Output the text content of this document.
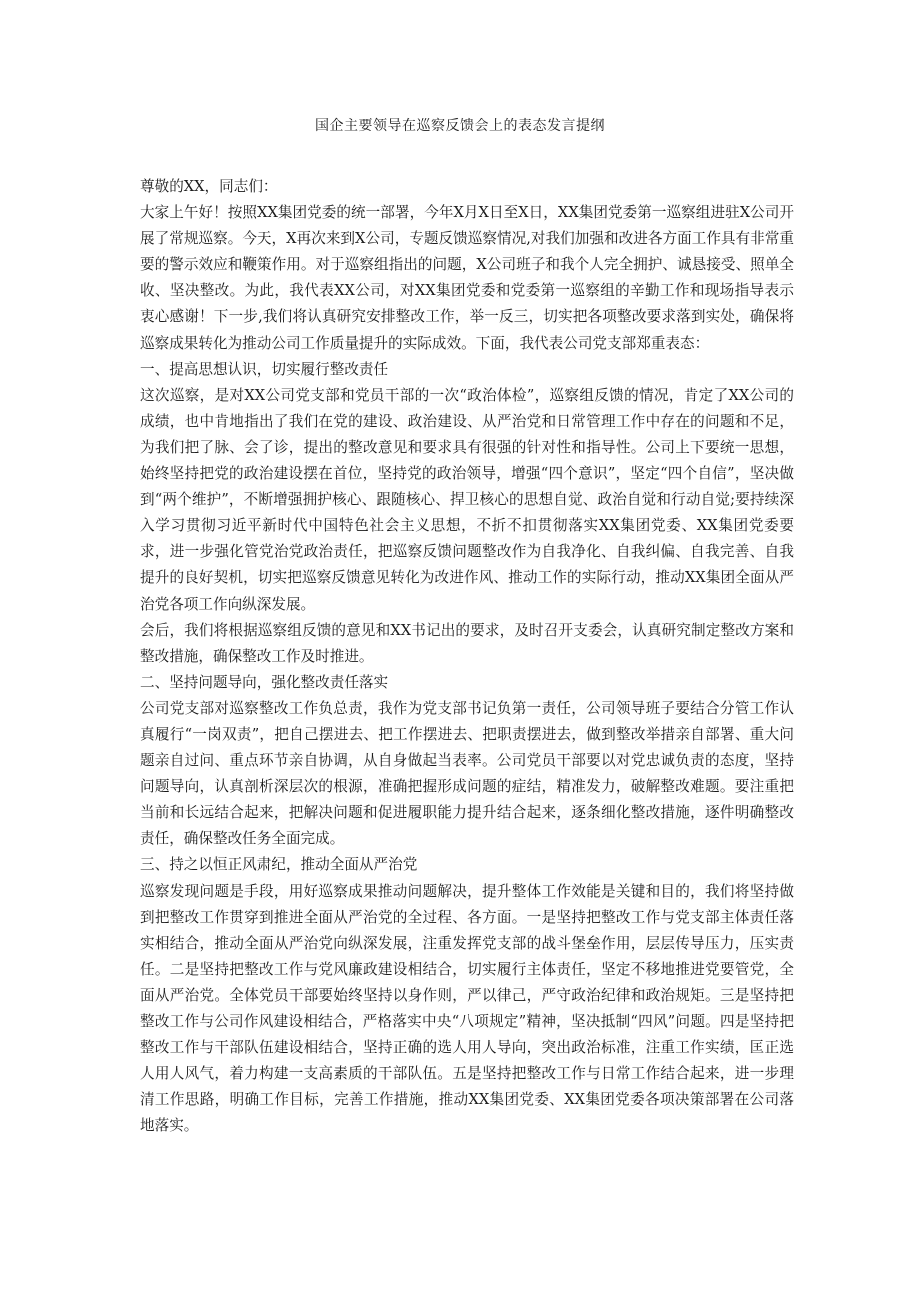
国企主要领导在巡察反馈会上的表态发言提纲

尊敬的XX，同志们：

大家上午好！按照XX集团党委的统一部署，今年X月X日至X日，XX集团党委第一巡察组进驻X公司开展了常规巡察。今天，X再次来到X公司，专题反馈巡察情况,对我们加强和改进各方面工作具有非常重要的警示效应和鞭策作用。对于巡察组指出的问题，X公司班子和我个人完全拥护、诚恳接受、照单全收、坚决整改。为此，我代表XX公司，对XX集团党委和党委第一巡察组的辛勤工作和现场指导表示衷心感谢！下一步,我们将认真研究安排整改工作，举一反三，切实把各项整改要求落到实处，确保将巡察成果转化为推动公司工作质量提升的实际成效。下面，我代表公司党支部郑重表态：

一、提高思想认识，切实履行整改责任

这次巡察，是对XX公司党支部和党员干部的一次“政治体检”，巡察组反馈的情况，肯定了XX公司的成绩，也中肯地指出了我们在党的建设、政治建设、从严治党和日常管理工作中存在的问题和不足，为我们把了脉、会了诊，提出的整改意见和要求具有很强的针对性和指导性。公司上下要统一思想，始终坚持把党的政治建设摆在首位，坚持党的政治领导，增强“四个意识”，坚定“四个自信”，坚决做到“两个维护”，不断增强拥护核心、跟随核心、捍卫核心的思想自觉、政治自觉和行动自觉;要持续深入学习贯彻习近平新时代中国特色社会主义思想，不折不扣贯彻落实XX集团党委、XX集团党委要求，进一步强化管党治党政治责任，把巡察反馈问题整改作为自我净化、自我纠偏、自我完善、自我提升的良好契机，切实把巡察反馈意见转化为改进作风、推动工作的实际行动，推动XX集团全面从严治党各项工作向纵深发展。

会后，我们将根据巡察组反馈的意见和XX书记出的要求，及时召开支委会，认真研究制定整改方案和整改措施，确保整改工作及时推进。

二、坚持问题导向，强化整改责任落实

公司党支部对巡察整改工作负总责，我作为党支部书记负第一责任，公司领导班子要结合分管工作认真履行“一岗双责”，把自己摆进去、把工作摆进去、把职责摆进去，做到整改举措亲自部署、重大问题亲自过问、重点环节亲自协调，从自身做起当表率。公司党员干部要以对党忠诚负责的态度，坚持问题导向，认真剖析深层次的根源，准确把握形成问题的症结，精准发力，破解整改难题。要注重把当前和长远结合起来，把解决问题和促进履职能力提升结合起来，逐条细化整改措施，逐件明确整改责任，确保整改任务全面完成。

三、持之以恒正风肃纪，推动全面从严治党

巡察发现问题是手段，用好巡察成果推动问题解决，提升整体工作效能是关键和目的，我们将坚持做到把整改工作贯穿到推进全面从严治党的全过程、各方面。一是坚持把整改工作与党支部主体责任落实相结合，推动全面从严治党向纵深发展，注重发挥党支部的战斗堡垒作用，层层传导压力，压实责任。二是坚持把整改工作与党风廉政建设相结合，切实履行主体责任，坚定不移地推进党要管党，全面从严治党。全体党员干部要始终坚持以身作则，严以律己，严守政治纪律和政治规矩。三是坚持把整改工作与公司作风建设相结合，严格落实中央“八项规定”精神，坚决抵制“四风”问题。四是坚持把整改工作与干部队伍建设相结合，坚持正确的选人用人导向，突出政治标准，注重工作实绩，匡正选人用人风气，着力构建一支高素质的干部队伍。五是坚持把整改工作与日常工作结合起来，进一步理清工作思路，明确工作目标，完善工作措施，推动XX集团党委、XX集团党委各项决策部署在公司落地落实。
